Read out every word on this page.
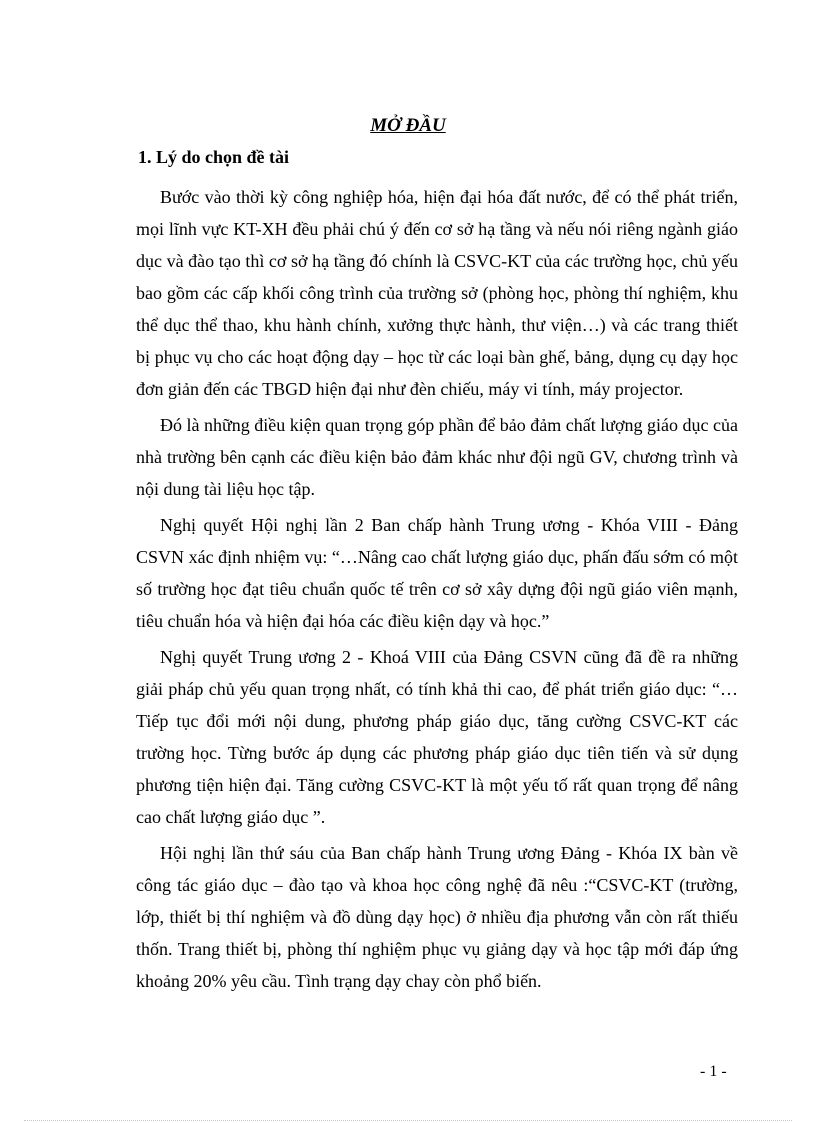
MỞ ĐẦU
1. Lý do chọn đề tài

Bước vào thời kỳ công nghiệp hóa, hiện đại hóa đất nước, để có thể phát triển, mọi lĩnh vực KT-XH đều phải chú ý đến cơ sở hạ tầng và nếu nói riêng ngành giáo dục và đào tạo thì cơ sở hạ tầng đó chính là CSVC-KT của các trường học, chủ yếu bao gồm các cấp khối công trình của trường sở (phòng học, phòng thí nghiệm, khu thể dục thể thao, khu hành chính, xưởng thực hành, thư viện…) và các trang thiết bị phục vụ cho các hoạt động dạy – học từ các loại bàn ghế, bảng, dụng cụ dạy học đơn giản đến các TBGD hiện đại như đèn chiếu, máy vi tính, máy projector.

Đó là những điều kiện quan trọng góp phần để bảo đảm chất lượng giáo dục của nhà trường bên cạnh các điều kiện bảo đảm khác như đội ngũ GV, chương trình và nội dung tài liệu học tập.

Nghị quyết Hội nghị lần 2 Ban chấp hành Trung ương - Khóa VIII - Đảng CSVN xác định nhiệm vụ: “…Nâng cao chất lượng giáo dục, phấn đấu sớm có một số trường học đạt tiêu chuẩn quốc tế trên cơ sở xây dựng đội ngũ giáo viên mạnh, tiêu chuẩn hóa và hiện đại hóa các điều kiện dạy và học.”

Nghị quyết Trung ương 2 - Khoá VIII của Đảng CSVN cũng đã đề ra những giải pháp chủ yếu quan trọng nhất, có tính khả thi cao, để phát triển giáo dục: “…Tiếp tục đổi mới nội dung, phương pháp giáo dục, tăng cường CSVC-KT các trường học. Từng bước áp dụng các phương pháp giáo dục tiên tiến và sử dụng phương tiện hiện đại. Tăng cường CSVC-KT là một yếu tố rất quan trọng để nâng cao chất lượng giáo dục ”.

Hội nghị lần thứ sáu của Ban chấp hành Trung ương Đảng - Khóa IX bàn về công tác giáo dục – đào tạo và khoa học công nghệ đã nêu :“CSVC-KT (trường, lớp, thiết bị thí nghiệm và đồ dùng dạy học) ở nhiều địa phương vẫn còn rất thiếu thốn. Trang thiết bị, phòng thí nghiệm phục vụ giảng dạy và học tập mới đáp ứng khoảng 20% yêu cầu. Tình trạng dạy chay còn phổ biến.

- 1 -
